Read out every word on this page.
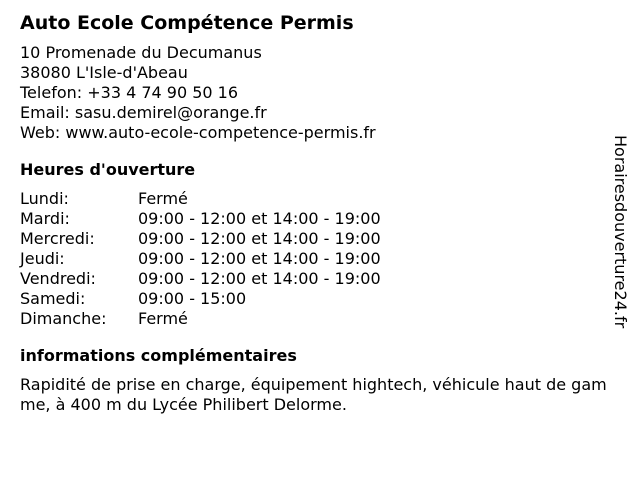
Auto Ecole Compétence Permis
10 Promenade du Decumanus
38080 L'Isle-d'Abeau
Telefon: +33 4 74 90 50 16
Email: sasu.demirel@orange.fr
Web: www.auto-ecole-competence-permis.fr
Heures d'ouverture
Lundi:	Fermé
Mardi:	09:00 - 12:00 et 14:00 - 19:00
Mercredi:	09:00 - 12:00 et 14:00 - 19:00
Jeudi:	09:00 - 12:00 et 14:00 - 19:00
Vendredi:	09:00 - 12:00 et 14:00 - 19:00
Samedi:	09:00 - 15:00
Dimanche:	Fermé
informations complémentaires

Rapidité de prise en charge, équipement hightech, véhicule haut de gamme, à 400 m du Lycée Philibert Delorme.

Horairesdouverture24.fr
